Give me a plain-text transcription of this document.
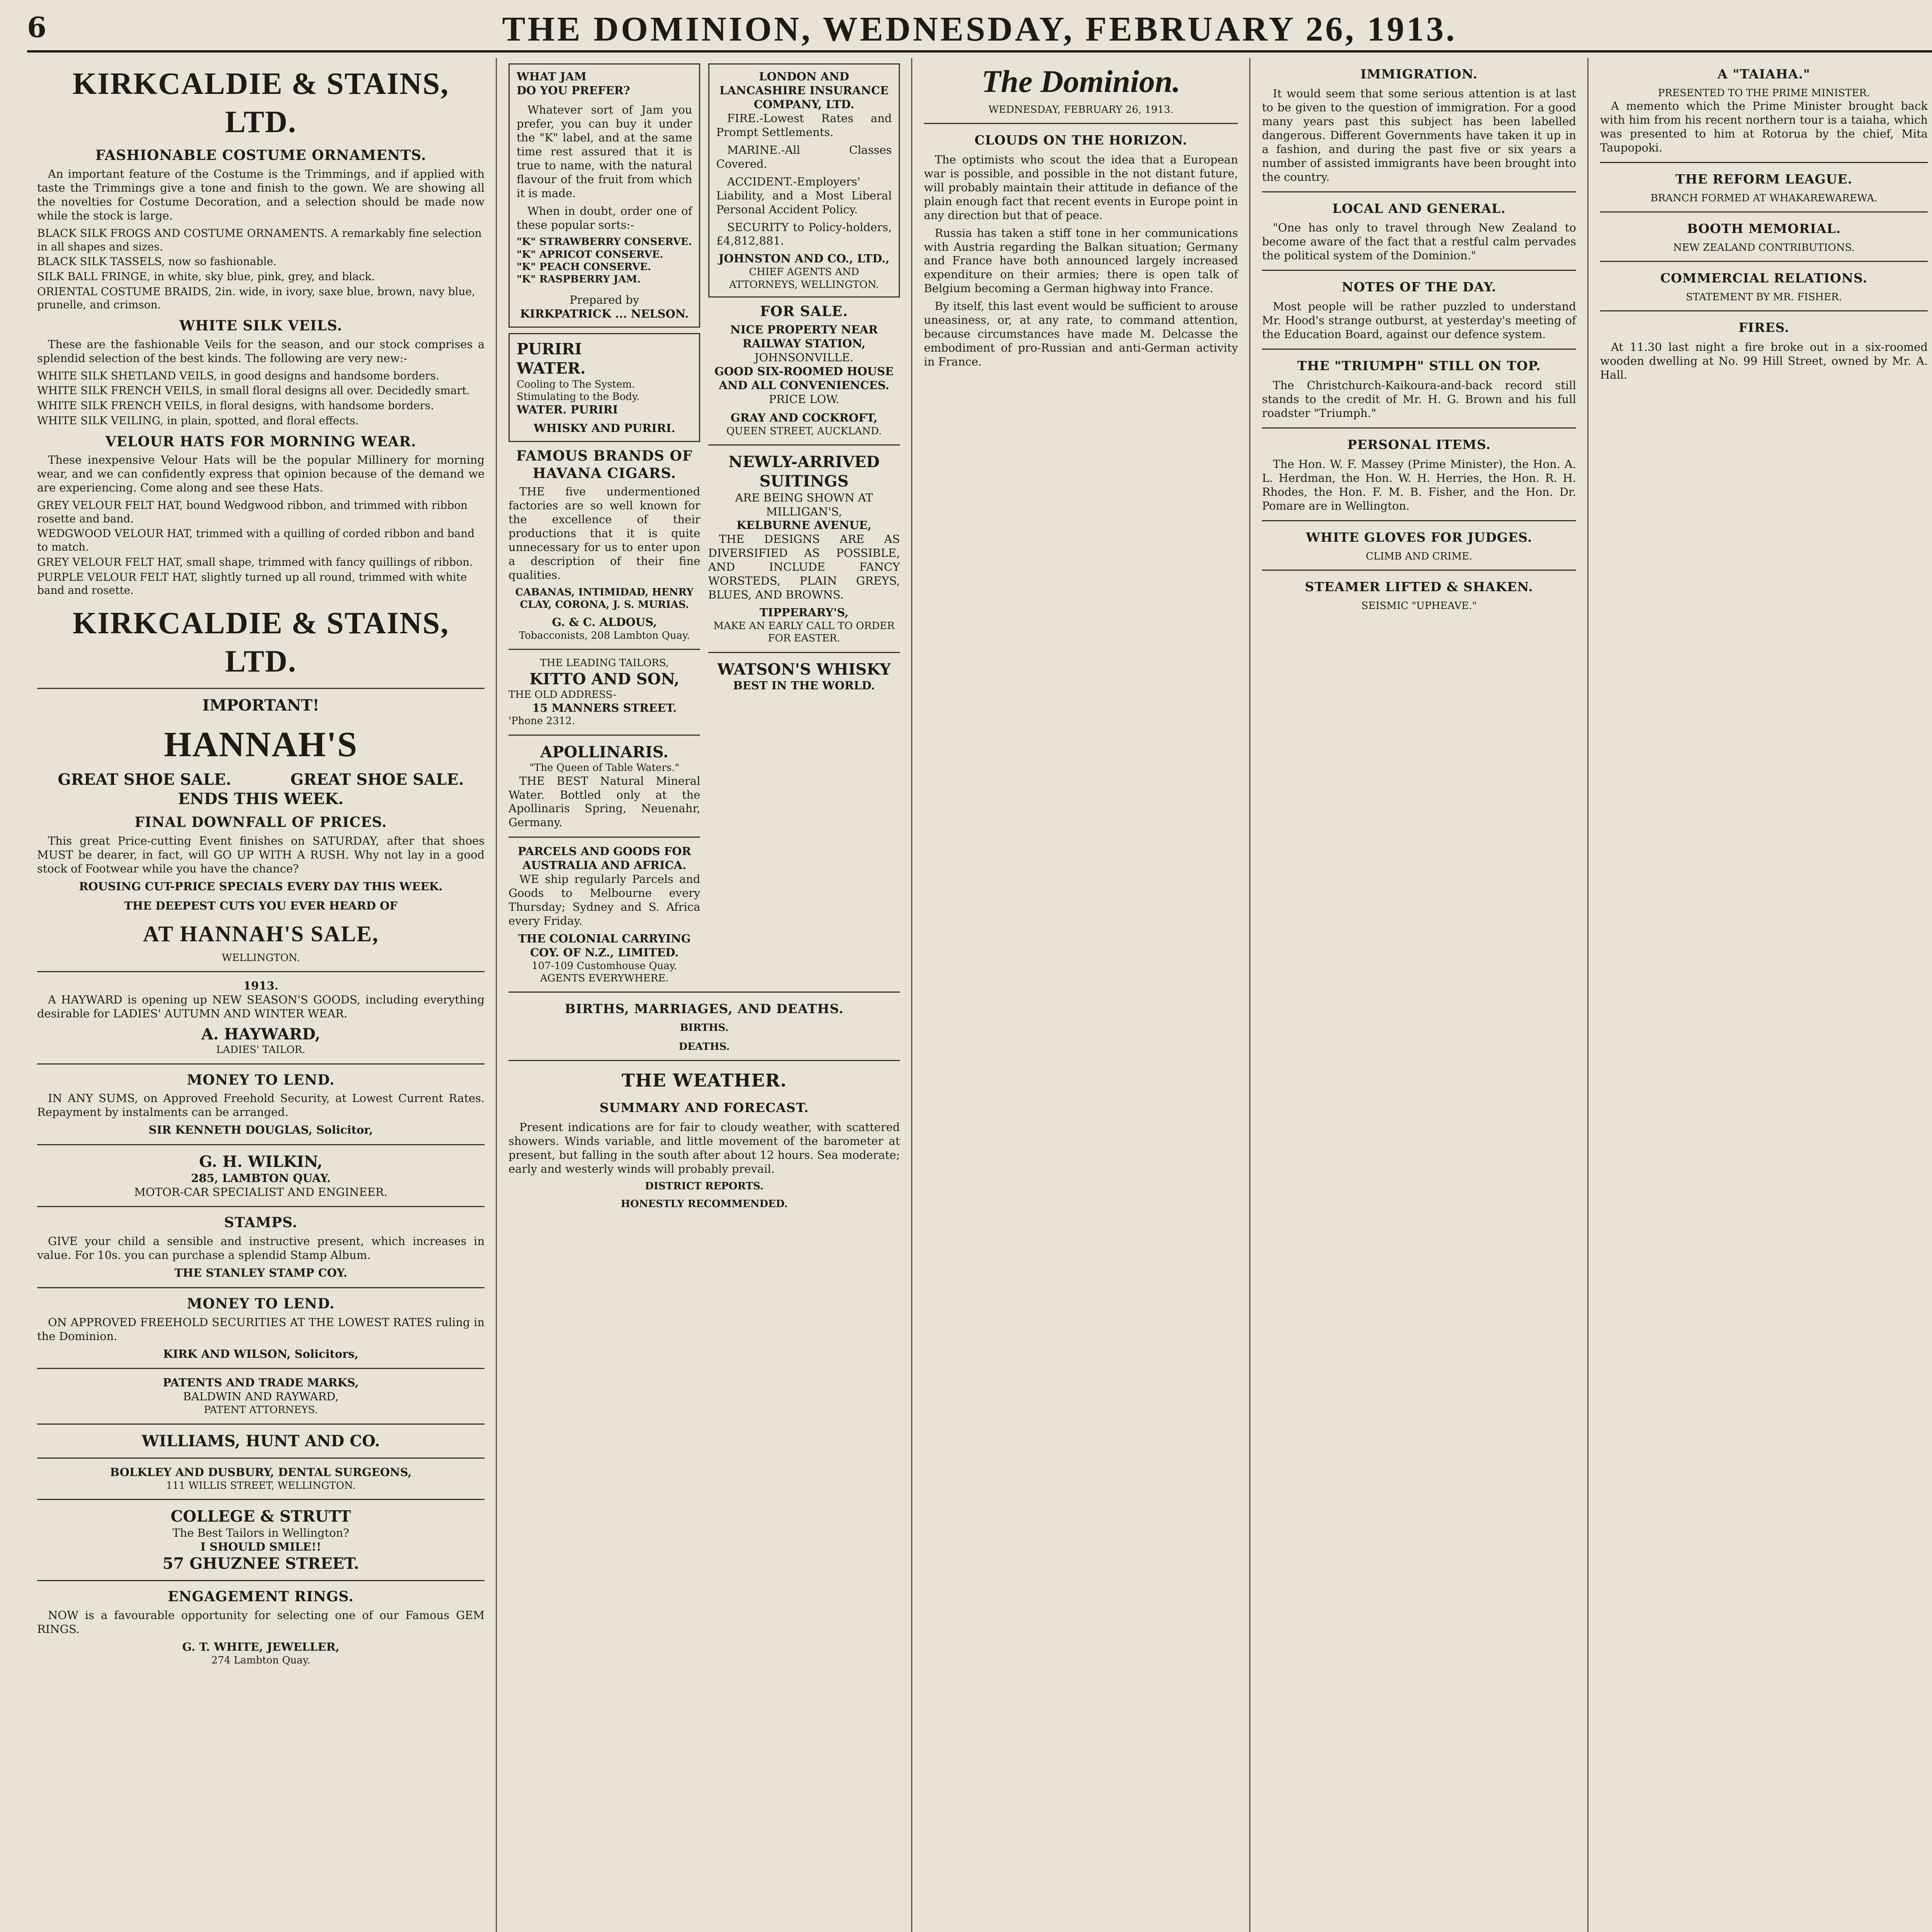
6	THE DOMINION, WEDNESDAY, FEBRUARY 26, 1913.
KIRKCALDIE & STAINS, LTD.
FASHIONABLE COSTUME ORNAMENTS.

An important feature of the Costume is the Trimmings, and if applied with taste the Trimmings give a tone and finish to the gown. We are showing all the novelties for Costume Decoration, and a selection should be made now while the stock is large.

BLACK SILK FROGS AND COSTUME ORNAMENTS. A remarkably fine selection in all shapes and sizes.
BLACK SILK TASSELS, now so fashionable.
SILK BALL FRINGE, in white, sky blue, pink, grey, and black.
ORIENTAL COSTUME BRAIDS, 2in. wide, in ivory, saxe blue, brown, navy blue, prunelle, and crimson.
WHITE SILK VEILS.

These are the fashionable Veils for the season, and our stock comprises a splendid selection of the best kinds. The following are very new:-

WHITE SILK SHETLAND VEILS, in good designs and handsome borders.
WHITE SILK FRENCH VEILS, in small floral designs all over. Decidedly smart.
WHITE SILK FRENCH VEILS, in floral designs, with handsome borders.
WHITE SILK VEILING, in plain, spotted, and floral effects.
VELOUR HATS FOR MORNING WEAR.

These inexpensive Velour Hats will be the popular Millinery for morning wear, and we can confidently express that opinion because of the demand we are experiencing. Come along and see these Hats.

GREY VELOUR FELT HAT, bound Wedgwood ribbon, and trimmed with ribbon rosette and band.
WEDGWOOD VELOUR HAT, trimmed with a quilling of corded ribbon and band to match.
GREY VELOUR FELT HAT, small shape, trimmed with fancy quillings of ribbon.
PURPLE VELOUR FELT HAT, slightly turned up all round, trimmed with white band and rosette.
KIRKCALDIE & STAINS, LTD.
IMPORTANT!
HANNAH'S
GREAT SHOE SALE.	GREAT SHOE SALE.
ENDS THIS WEEK.
FINAL DOWNFALL OF PRICES.

This great Price-cutting Event finishes on SATURDAY, after that shoes MUST be dearer, in fact, will GO UP WITH A RUSH. Why not lay in a good stock of Footwear while you have the chance?

ROUSING CUT-PRICE SPECIALS EVERY DAY THIS WEEK.
THE DEEPEST CUTS YOU EVER HEARD OF
AT HANNAH'S SALE,
WELLINGTON.
1913.

A HAYWARD is opening up NEW SEASON'S GOODS, including everything desirable for LADIES' AUTUMN AND WINTER WEAR.

A. HAYWARD,
LADIES' TAILOR.
MONEY TO LEND.

IN ANY SUMS, on Approved Freehold Security, at Lowest Current Rates. Repayment by instalments can be arranged.

SIR KENNETH DOUGLAS, Solicitor,
G. H. WILKIN,
285, LAMBTON QUAY.
MOTOR-CAR SPECIALIST AND ENGINEER.
STAMPS.

GIVE your child a sensible and instructive present, which increases in value. For 10s. you can purchase a splendid Stamp Album.

THE STANLEY STAMP COY.
MONEY TO LEND.

ON APPROVED FREEHOLD SECURITIES AT THE LOWEST RATES ruling in the Dominion.

KIRK AND WILSON, Solicitors,
PATENTS AND TRADE MARKS,
BALDWIN AND RAYWARD,
PATENT ATTORNEYS.
WILLIAMS, HUNT AND CO.
BOLKLEY AND DUSBURY, DENTAL SURGEONS,
111 WILLIS STREET, WELLINGTON.
COLLEGE & STRUTT
The Best Tailors in Wellington?
I SHOULD SMILE!!
57 GHUZNEE STREET.
ENGAGEMENT RINGS.

NOW is a favourable opportunity for selecting one of our Famous GEM RINGS.

G. T. WHITE, JEWELLER,
274 Lambton Quay.
WHAT JAM
DO YOU PREFER?

Whatever sort of Jam you prefer, you can buy it under the "K" label, and at the same time rest assured that it is true to name, with the natural flavour of the fruit from which it is made.

When in doubt, order one of these popular sorts:-

"K" STRAWBERRY CONSERVE.
"K" APRICOT CONSERVE.
"K" PEACH CONSERVE.
"K" RASPBERRY JAM.
Prepared by
KIRKPATRICK ... NELSON.
PURIRI
WATER.
Cooling to The System.
Stimulating to the Body.
WATER. PURIRI
WHISKY AND PURIRI.
FAMOUS BRANDS OF HAVANA CIGARS.

THE five undermentioned factories are so well known for the excellence of their productions that it is quite unnecessary for us to enter upon a description of their fine qualities.

CABANAS, INTIMIDAD, HENRY CLAY, CORONA, J. S. MURIAS.
G. & C. ALDOUS,
Tobacconists, 208 Lambton Quay.
THE LEADING TAILORS,
KITTO AND SON,
THE OLD ADDRESS-
15 MANNERS STREET.
'Phone 2312.
APOLLINARIS.
"The Queen of Table Waters."

THE BEST Natural Mineral Water. Bottled only at the Apollinaris Spring, Neuenahr, Germany.

PARCELS AND GOODS FOR AUSTRALIA AND AFRICA.

WE ship regularly Parcels and Goods to Melbourne every Thursday; Sydney and S. Africa every Friday.

THE COLONIAL CARRYING COY. OF N.Z., LIMITED.
107-109 Customhouse Quay.
AGENTS EVERYWHERE.
LONDON AND LANCASHIRE INSURANCE COMPANY, LTD.

FIRE.-Lowest Rates and Prompt Settlements.

MARINE.-All Classes Covered.

ACCIDENT.-Employers' Liability, and a Most Liberal Personal Accident Policy.

SECURITY to Policy-holders, £4,812,881.

JOHNSTON AND CO., LTD.,
CHIEF AGENTS AND ATTORNEYS, WELLINGTON.
FOR SALE.
NICE PROPERTY NEAR RAILWAY STATION,
JOHNSONVILLE.
GOOD SIX-ROOMED HOUSE AND ALL CONVENIENCES.
PRICE LOW.
GRAY AND COCKROFT,
QUEEN STREET, AUCKLAND.
NEWLY-ARRIVED SUITINGS
ARE BEING SHOWN AT MILLIGAN'S,
KELBURNE AVENUE,

THE DESIGNS ARE AS DIVERSIFIED AS POSSIBLE, AND INCLUDE FANCY WORSTEDS, PLAIN GREYS, BLUES, AND BROWNS.

TIPPERARY'S,
MAKE AN EARLY CALL TO ORDER FOR EASTER.
WATSON'S WHISKY
BEST IN THE WORLD.
BIRTHS, MARRIAGES, AND DEATHS.
BIRTHS.
DEATHS.
THE WEATHER.
SUMMARY AND FORECAST.

Present indications are for fair to cloudy weather, with scattered showers. Winds variable, and little movement of the barometer at present, but falling in the south after about 12 hours. Sea moderate; early and westerly winds will probably prevail.

DISTRICT REPORTS.
HONESTLY RECOMMENDED.
The Dominion.
WEDNESDAY, FEBRUARY 26, 1913.
CLOUDS ON THE HORIZON.

The optimists who scout the idea that a European war is possible, and possible in the not distant future, will probably maintain their attitude in defiance of the plain enough fact that recent events in Europe point in any direction but that of peace.

Russia has taken a stiff tone in her communications with Austria regarding the Balkan situation; Germany and France have both announced largely increased expenditure on their armies; there is open talk of Belgium becoming a German highway into France.

By itself, this last event would be sufficient to arouse uneasiness, or, at any rate, to command attention, because circumstances have made M. Delcasse the embodiment of pro-Russian and anti-German activity in France.

IMMIGRATION.

It would seem that some serious attention is at last to be given to the question of immigration. For a good many years past this subject has been labelled dangerous. Different Governments have taken it up in a fashion, and during the past five or six years a number of assisted immigrants have been brought into the country.

LOCAL AND GENERAL.

"One has only to travel through New Zealand to become aware of the fact that a restful calm pervades the political system of the Dominion."

NOTES OF THE DAY.

Most people will be rather puzzled to understand Mr. Hood's strange outburst, at yesterday's meeting of the Education Board, against our defence system.

THE "TRIUMPH" STILL ON TOP.

The Christchurch-Kaikoura-and-back record still stands to the credit of Mr. H. G. Brown and his full roadster "Triumph."

PERSONAL ITEMS.

The Hon. W. F. Massey (Prime Minister), the Hon. A. L. Herdman, the Hon. W. H. Herries, the Hon. R. H. Rhodes, the Hon. F. M. B. Fisher, and the Hon. Dr. Pomare are in Wellington.

WHITE GLOVES FOR JUDGES.
CLIMB AND CRIME.
STEAMER LIFTED & SHAKEN.
SEISMIC "UPHEAVE."
A "TAIAHA."
PRESENTED TO THE PRIME MINISTER.

A memento which the Prime Minister brought back with him from his recent northern tour is a taiaha, which was presented to him at Rotorua by the chief, Mita Taupopoki.

THE REFORM LEAGUE.
BRANCH FORMED AT WHAKAREWAREWA.
BOOTH MEMORIAL.
NEW ZEALAND CONTRIBUTIONS.
COMMERCIAL RELATIONS.
STATEMENT BY MR. FISHER.
FIRES.

At 11.30 last night a fire broke out in a six-roomed wooden dwelling at No. 99 Hill Street, owned by Mr. A. Hall.
